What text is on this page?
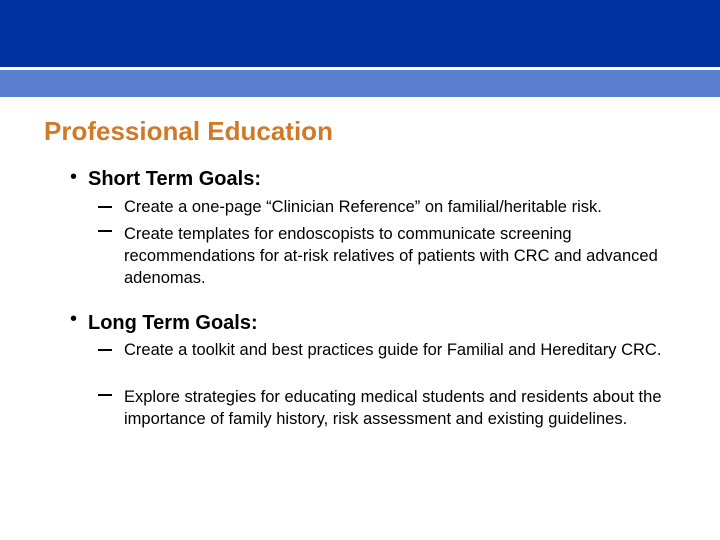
Professional Education
• Short Term Goals:
Create a one-page “Clinician Reference” on familial/heritable risk.
Create templates for endoscopists to communicate screening recommendations for at-risk relatives of patients with CRC and advanced adenomas.
• Long Term Goals:
Create a toolkit and best practices guide for Familial and Hereditary CRC.
Explore strategies for educating medical students and residents about the importance of family history, risk assessment and existing guidelines.
